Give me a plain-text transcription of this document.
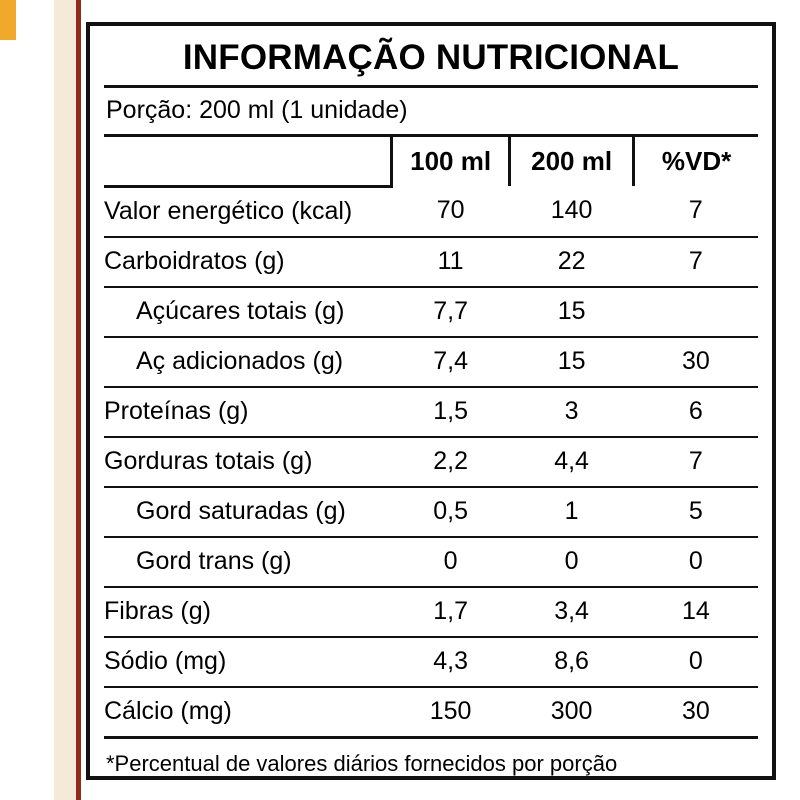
INFORMAÇÃO NUTRICIONAL
Porção: 200 ml (1 unidade)
	100 ml	200 ml	%VD*
Valor energético (kcal)	70	140	7
Carboidratos (g)	11	22	7
Açúcares totais (g)	7,7	15	
Aç adicionados (g)	7,4	15	30
Proteínas (g)	1,5	3	6
Gorduras totais (g)	2,2	4,4	7
Gord saturadas (g)	0,5	1	5
Gord trans (g)	0	0	0
Fibras (g)	1,7	3,4	14
Sódio (mg)	4,3	8,6	0
Cálcio (mg)	150	300	30
*Percentual de valores diários fornecidos por porção
